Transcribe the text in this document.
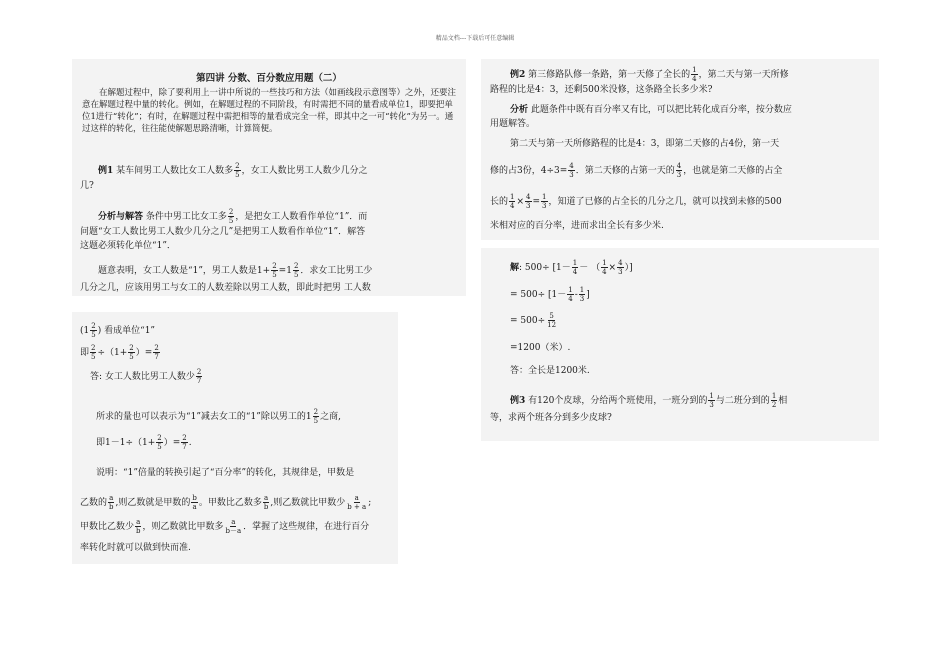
精品文档---下载后可任意编辑
第四讲 分数、百分数应用题（二）
在解题过程中，除了要利用上一讲中所说的一些技巧和方法（如画线段示意图等）之外，还要注意在解题过程中量的转化。例如，在解题过程的不同阶段，有时需把不同的量看成单位1，即要把单位1进行“转化”；有时，在解题过程中需把相等的量看成完全一样，即其中之一可“转化”为另一。通过这样的转化，往往能使解题思路清晰，计算简便。
例1 某车间男工人数比女工人数多 $\frac{2}{5}$ ，女工人数比男工人数少几分之
几?
分析与解答 条件中男工比女工多 $\frac{2}{5}$ ，是把女工人数看作单位“1”．而
问题“女工人数比男工人数少几分之几”是把男工人数看作单位“1”．解答
这题必须转化单位“1”．
题意表明，女工人数是“1”，男工人数是$1+ \frac{2}{5} =1 \frac{2}{5}$ ．求女工比男工少
几分之几，应该用男工与女工的人数差除以男工人数，即此时把男 工人数
($1 \frac{2}{5}$ ) 看成单位“1”
即 $\frac{2}{5} \div(1+ \frac{2}{5}$ ）= $\frac{2}{7}$
答: 女工人数比男工人数少 $\frac{2}{7}$
所求的量也可以表示为“1”减去女工的“1”除以男工的$1 \frac{2}{5}$ 之商,
即$1-1\div(1+ \frac{2}{5}$ ）= $\frac{2}{7}$ .
说明：“1”倍量的转换引起了“百分率”的转化，其规律是，甲数是
乙数的 $\frac{a}{b}$ ,则乙数就是甲数的 $\frac{b}{a}$ 。甲数比乙数多 $\frac{a}{b}$ ,则乙数就比甲数少 $\frac{a}{b + a}$ ;
甲数比乙数少 $\frac{a}{b}$ ，则乙数就比甲数多 $\frac{a}{b-a}$ ．掌握了这些规律，在进行百分
率转化时就可以做到快而准.
例2 第三修路队修一条路，第一天修了全长的 $\frac{1}{4}$ ，第二天与第一天所修
路程的比是4：3，还剩500米没修，这条路全长多少米?
分析 此题条件中既有百分率又有比，可以把比转化成百分率，按分数应
用题解答。
第二天与第一天所修路程的比是4：3，即第二天修的占4份，第一天
修的占3份，$4\div 3= \frac{4}{3}$ ．第二天修的占第一天的 $\frac{4}{3}$ ，也就是第二天修的占全
长的 $\frac{1}{4} \times \frac{4}{3} = \frac{1}{3}$ ，知道了已修的占全长的几分之几，就可以找到未修的500
米相对应的百分率，进而求出全长有多少米.
解: $500\div [1- \frac{1}{4}$ － （ $\frac{1}{4} \times \frac{4}{3}$ ）]
= $500\div [1- \frac{1}{4} - \frac{1}{3}$ ]
= $500\div \frac{5}{12}$
=1200（米）.
答：全长是1200米.
例3 有120个皮球，分给两个班使用，一班分到的 $\frac{1}{3}$ 与二班分到的 $\frac{1}{2}$ 相
等，求两个班各分到多少皮球?
